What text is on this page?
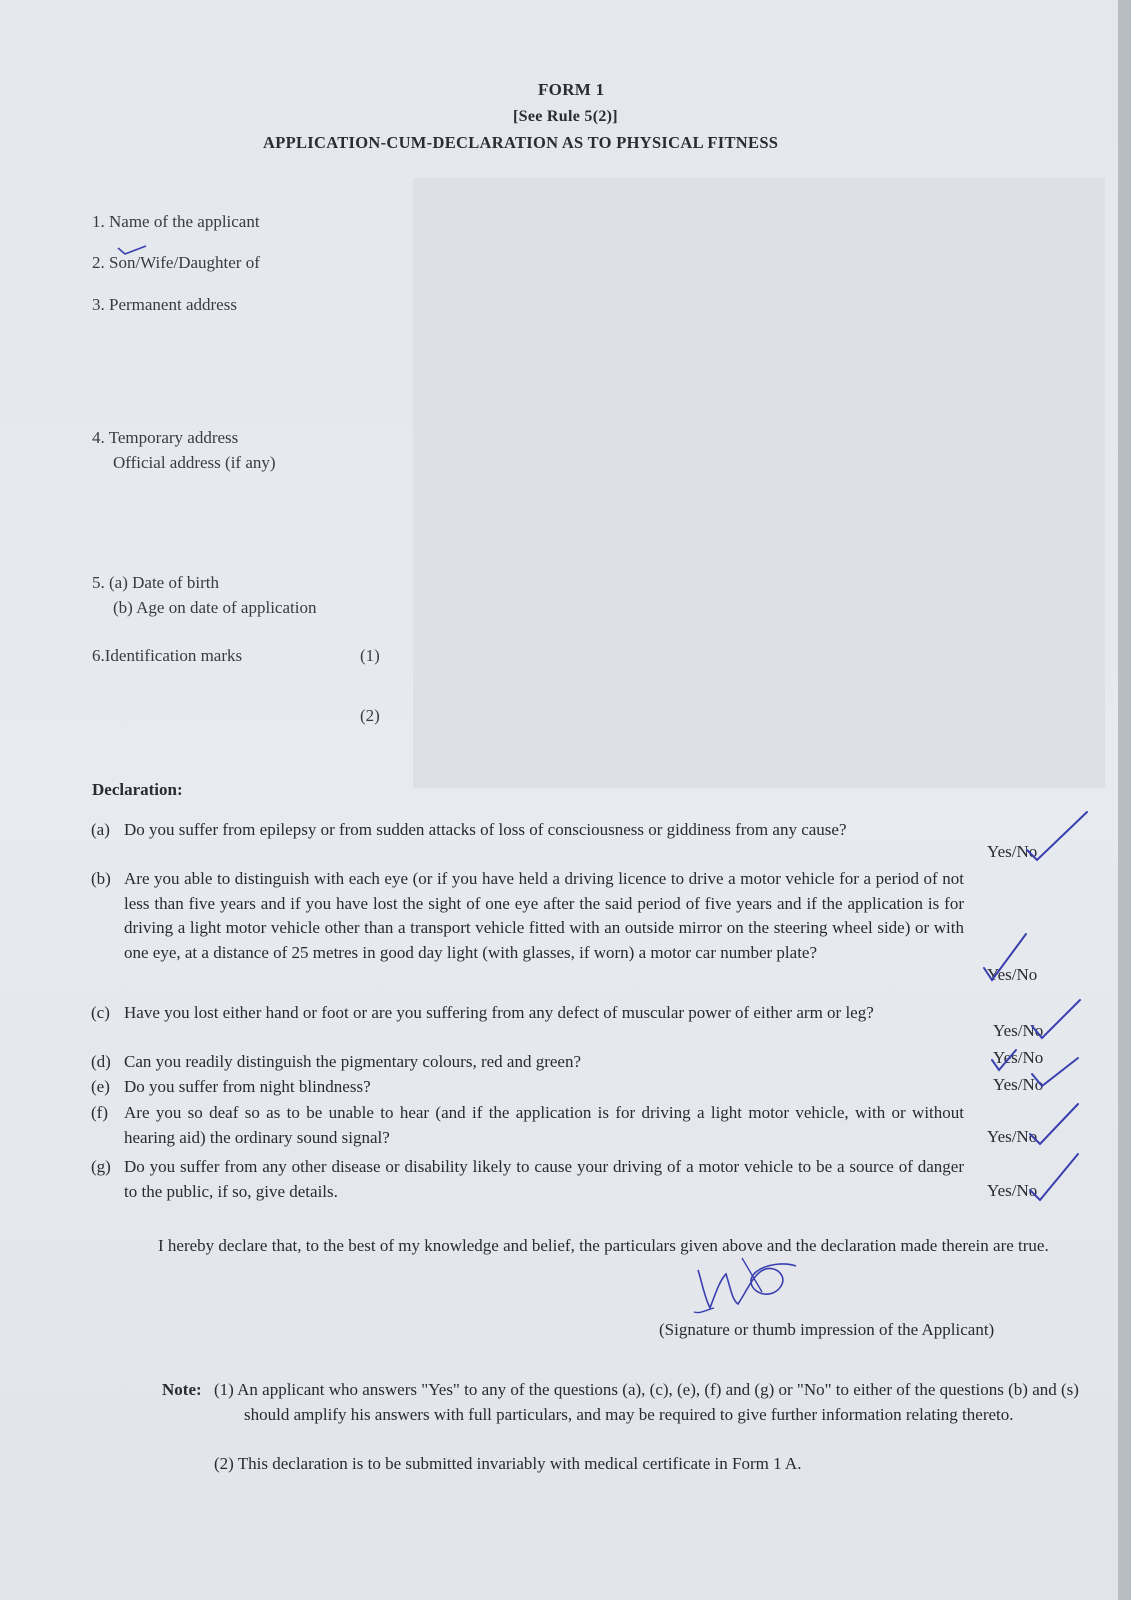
FORM 1
[See Rule 5(2)]
APPLICATION-CUM-DECLARATION AS TO PHYSICAL FITNESS
1. Name of the applicant
2. Son/Wife/Daughter of
3. Permanent address
4. Temporary address
Official address (if any)
5. (a) Date of birth
(b) Age on date of application
6.Identification marks	(1)
(2)
Declaration:
(a) Do you suffer from epilepsy or from sudden attacks of loss of consciousness or giddiness from any cause?
(b) Are you able to distinguish with each eye (or if you have held a driving licence to drive a motor vehicle for a period of not less than five years and if you have lost the sight of one eye after the said period of five years and if the application is for driving a light motor vehicle other than a transport vehicle fitted with an outside mirror on the steering wheel side) or with one eye, at a distance of 25 metres in good day light (with glasses, if worn) a motor car number plate?
(c) Have you lost either hand or foot or are you suffering from any defect of muscular power of either arm or leg?
(d) Can you readily distinguish the pigmentary colours, red and green?
(e) Do you suffer from night blindness?
(f) Are you so deaf so as to be unable to hear (and if the application is for driving a light motor vehicle, with or without hearing aid) the ordinary sound signal?
(g) Do you suffer from any other disease or disability likely to cause your driving of a motor vehicle to be a source of danger to the public, if so, give details.
Yes/No
Yes/No
Yes/No
Yes/No
Yes/No
Yes/No
Yes/No
I hereby declare that, to the best of my knowledge and belief, the particulars given above and the declaration made therein are true.
(Signature or thumb impression of the Applicant)
Note: (1) An applicant who answers "Yes" to any of the questions (a), (c), (e), (f) and (g) or "No" to either of the questions (b) and (s) should amplify his answers with full particulars, and may be required to give further information relating thereto.
(2) This declaration is to be submitted invariably with medical certificate in Form 1 A.
